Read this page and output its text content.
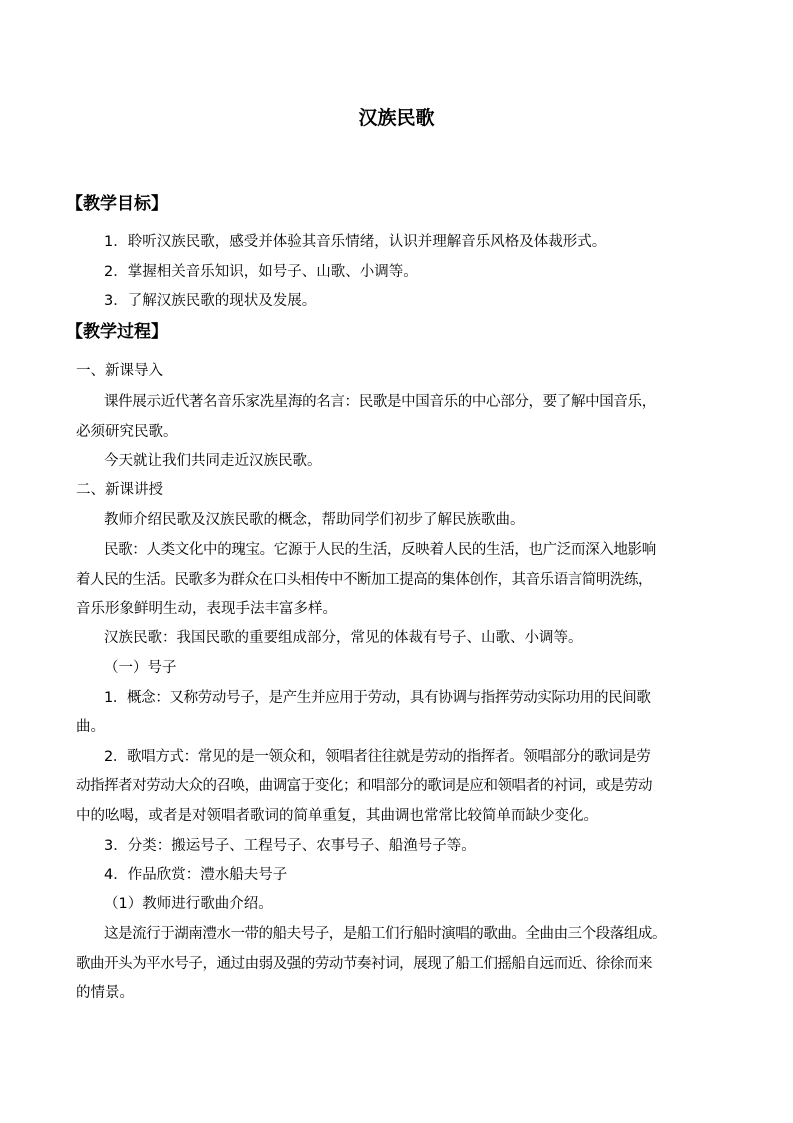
汉族民歌
【教学目标】
1．聆听汉族民歌，感受并体验其音乐情绪，认识并理解音乐风格及体裁形式。
2．掌握相关音乐知识，如号子、山歌、小调等。
3．了解汉族民歌的现状及发展。
【教学过程】
一、新课导入
课件展示近代著名音乐家冼星海的名言：民歌是中国音乐的中心部分，要了解中国音乐，
必须研究民歌。
今天就让我们共同走近汉族民歌。
二、新课讲授
教师介绍民歌及汉族民歌的概念，帮助同学们初步了解民族歌曲。
民歌：人类文化中的瑰宝。它源于人民的生活，反映着人民的生活，也广泛而深入地影响
着人民的生活。民歌多为群众在口头相传中不断加工提高的集体创作，其音乐语言简明洗练，
音乐形象鲜明生动，表现手法丰富多样。
汉族民歌：我国民歌的重要组成部分，常见的体裁有号子、山歌、小调等。
（一）号子
1．概念：又称劳动号子，是产生并应用于劳动，具有协调与指挥劳动实际功用的民间歌
曲。
2．歌唱方式：常见的是一领众和，领唱者往往就是劳动的指挥者。领唱部分的歌词是劳
动指挥者对劳动大众的召唤，曲调富于变化；和唱部分的歌词是应和领唱者的衬词，或是劳动
中的吆喝，或者是对领唱者歌词的简单重复，其曲调也常常比较简单而缺少变化。
3．分类：搬运号子、工程号子、农事号子、船渔号子等。
4．作品欣赏：澧水船夫号子
（1）教师进行歌曲介绍。
这是流行于湖南澧水一带的船夫号子，是船工们行船时演唱的歌曲。全曲由三个段落组成。
歌曲开头为平水号子，通过由弱及强的劳动节奏衬词，展现了船工们摇船自远而近、徐徐而来
的情景。
